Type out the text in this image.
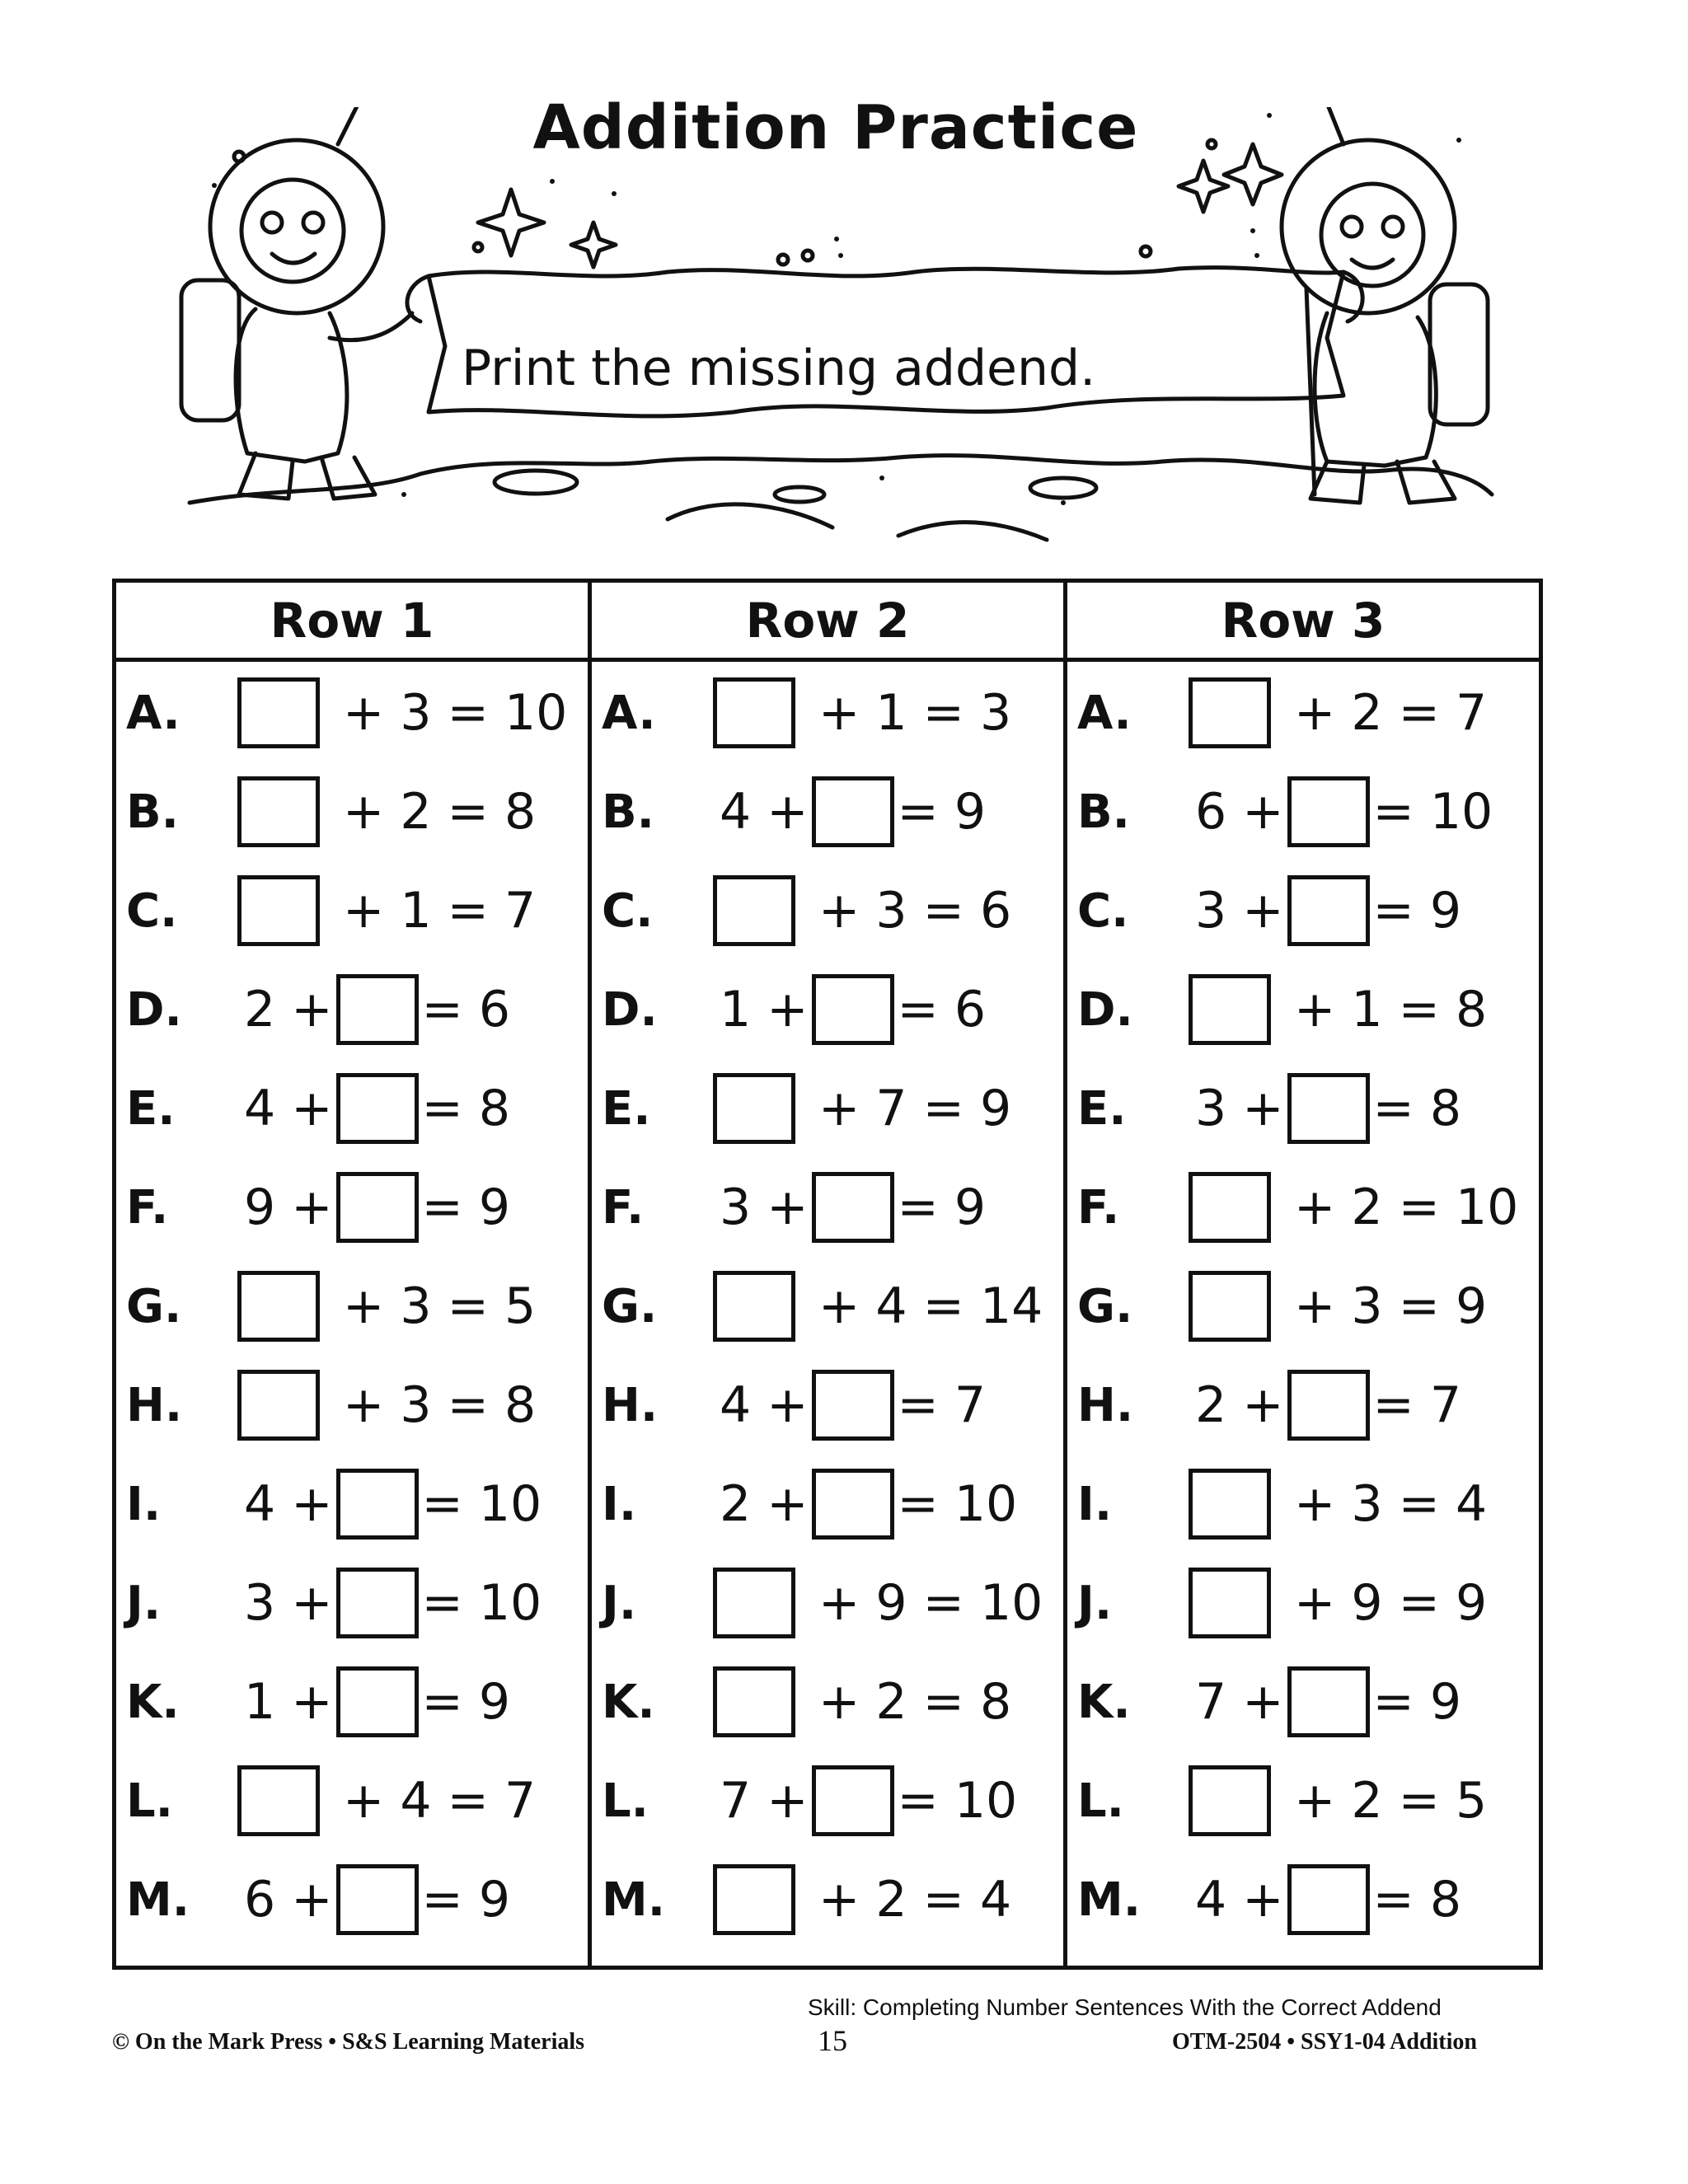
Addition Practice
Print the missing addend.
Row 1
A.	+ 3 = 10
B.	+ 2 = 8
C.	+ 1 = 7
D.	2 + = 6
E.	4 + = 8
F.	9 + = 9
G.	+ 3 = 5
H.	+ 3 = 8
I.	4 + = 10
J.	3 + = 10
K.	1 + = 9
L.	+ 4 = 7
M.	6 + = 9
Row 2
A.	+ 1 = 3
B.	4 + = 9
C.	+ 3 = 6
D.	1 + = 6
E.	+ 7 = 9
F.	3 + = 9
G.	+ 4 = 14
H.	4 + = 7
I.	2 + = 10
J.	+ 9 = 10
K.	+ 2 = 8
L.	7 + = 10
M.	+ 2 = 4
Row 3
A.	+ 2 = 7
B.	6 + = 10
C.	3 + = 9
D.	+ 1 = 8
E.	3 + = 8
F.	+ 2 = 10
G.	+ 3 = 9
H.	2 + = 7
I.	+ 3 = 4
J.	+ 9 = 9
K.	7 + = 9
L.	+ 2 = 5
M.	4 + = 8
© On the Mark Press • S&S Learning Materials
Skill: Completing Number Sentences With the Correct Addend
15	OTM-2504 • SSY1-04 Addition
